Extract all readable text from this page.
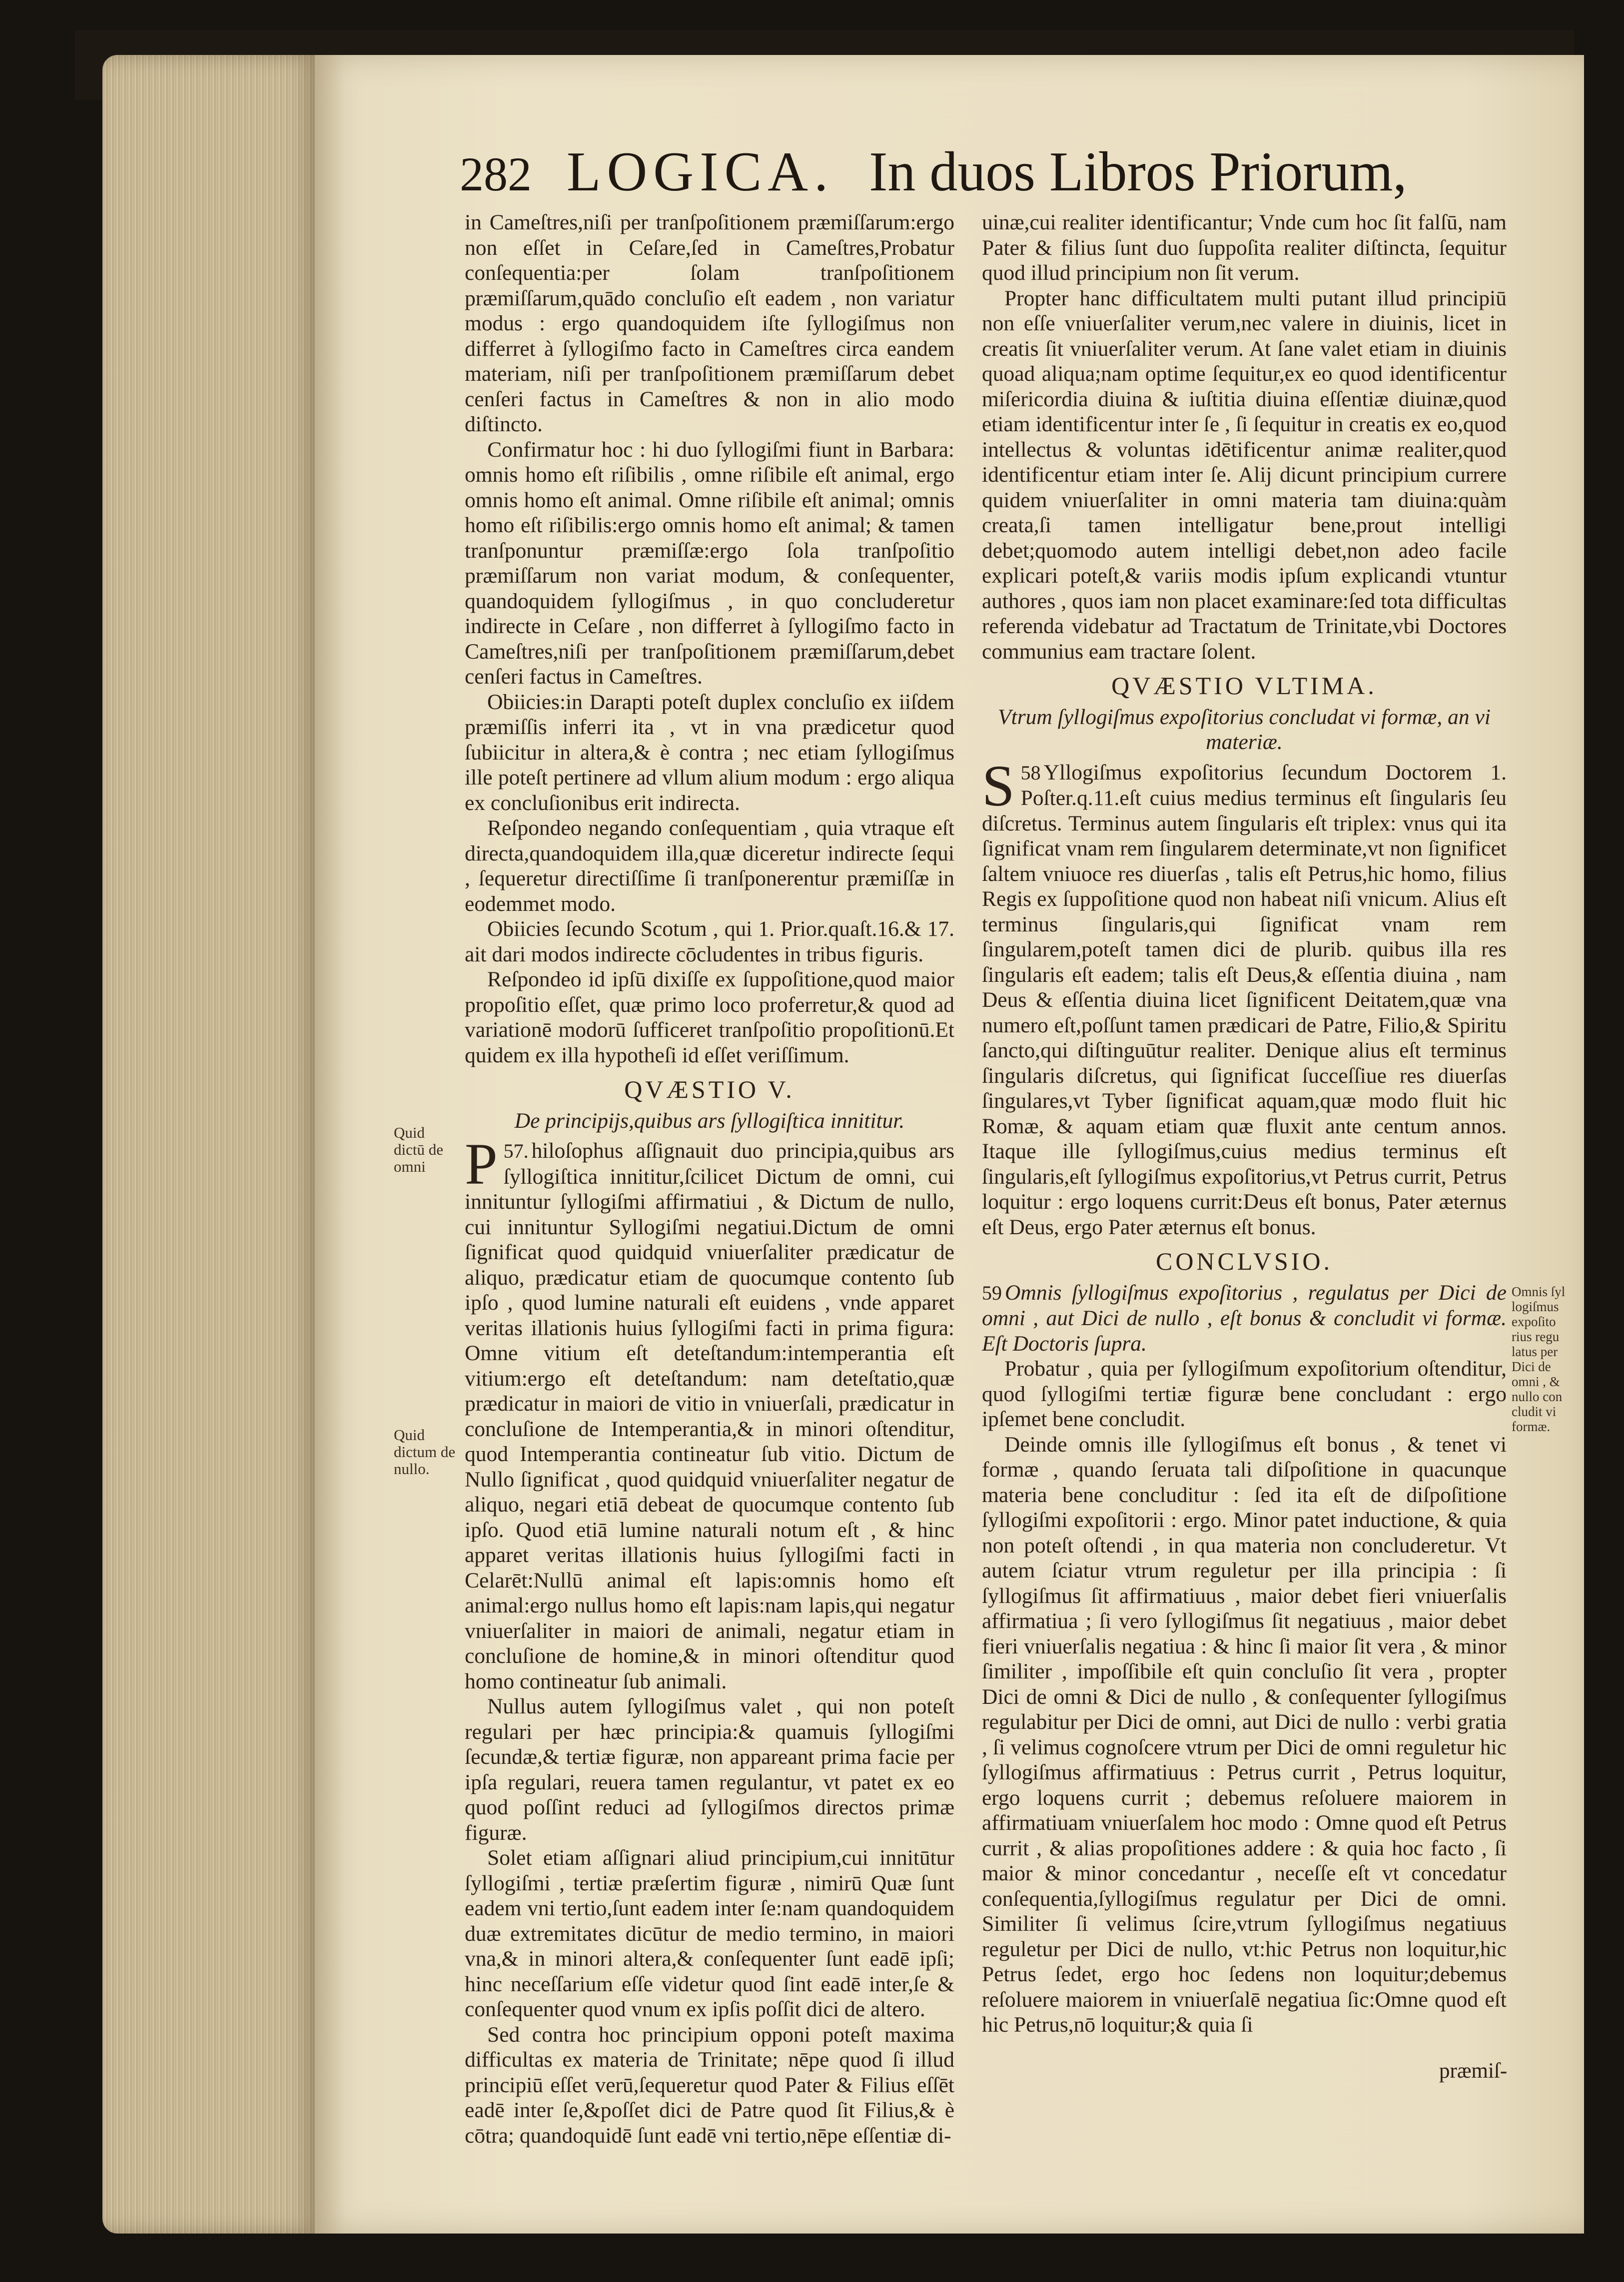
282 LOGICA. In duos Libros Priorum,

in Cameſtres,niſi per tranſpoſitionem præmiſſarum:ergo non eſſet in Ceſare,ſed in Cameſtres,Probatur conſequentia:per ſolam tranſpoſitionem præmiſſarum,quādo concluſio eſt eadem , non variatur modus : ergo quandoquidem iſte ſyllogiſmus non differret à ſyllogiſmo facto in Cameſtres circa eandem materiam, niſi per tranſpoſitionem præmiſſarum debet cenſeri factus in Cameſtres & non in alio modo diſtincto.

Confirmatur hoc : hi duo ſyllogiſmi fiunt in Barbara: omnis homo eſt riſibilis , omne riſibile eſt animal, ergo omnis homo eſt animal. Omne riſibile eſt animal; omnis homo eſt riſibilis:ergo omnis homo eſt animal; & tamen tranſponuntur præmiſſæ:ergo ſola tranſpoſitio præmiſſarum non variat modum, & conſequenter, quandoquidem ſyllogiſmus , in quo concluderetur indirecte in Ceſare , non differret à ſyllogiſmo facto in Cameſtres,niſi per tranſpoſitionem præmiſſarum,debet cenſeri factus in Cameſtres.

Obiicies:in Darapti poteſt duplex concluſio ex iiſdem præmiſſis inferri ita , vt in vna prædicetur quod ſubiicitur in altera,& è contra ; nec etiam ſyllogiſmus ille poteſt pertinere ad vllum alium modum : ergo aliqua ex concluſionibus erit indirecta.

Reſpondeo negando conſequentiam , quia vtraque eſt directa,quandoquidem illa,quæ diceretur indirecte ſequi , ſequeretur directiſſime ſi tranſponerentur præmiſſæ in eodemmet modo.

Obiicies ſecundo Scotum , qui 1. Prior.quaſt.16.& 17. ait dari modos indirecte cōcludentes in tribus figuris.

Reſpondeo id ipſū dixiſſe ex ſuppoſitione,quod maior propoſitio eſſet, quæ primo loco proferretur,& quod ad variationē modorū ſufficeret tranſpoſitio propoſitionū.Et quidem ex illa hypotheſi id eſſet veriſſimum.

QVÆSTIO V.

De principijs,quibus ars ſyllogiſtica innititur.

57.
P hiloſophus aſſignauit duo principia,quibus ars ſyllogiſtica innititur,ſcilicet Dictum de omni, cui innituntur ſyllogiſmi affirmatiui , & Dictum de nullo, cui innituntur Syllogiſmi negatiui.Dictum de omni ſignificat quod quidquid vniuerſaliter prædicatur de aliquo, prædicatur etiam de quocumque contento ſub ipſo , quod lumine naturali eſt euidens , vnde apparet veritas illationis huius ſyllogiſmi facti in prima figura: Omne vitium eſt deteſtandum:intemperantia eſt vitium:ergo eſt deteſtandum: nam deteſtatio,quæ prædicatur in maiori de vitio in vniuerſali, prædicatur in concluſione de Intemperantia,& in minori oſtenditur, quod Intemperantia contineatur ſub vitio. Dictum de Nullo ſignificat , quod quidquid vniuerſaliter negatur de aliquo, negari etiā debeat de quocumque contento ſub ipſo. Quod etiā lumine naturali notum eſt , & hinc apparet veritas illationis huius ſyllogiſmi facti in Celarēt:Nullū animal eſt lapis:omnis homo eſt animal:ergo nullus homo eſt lapis:nam lapis,qui negatur vniuerſaliter in maiori de animali, negatur etiam in concluſione de homine,& in minori oſtenditur quod homo contineatur ſub animali.

Nullus autem ſyllogiſmus valet , qui non poteſt regulari per hæc principia:& quamuis ſyllogiſmi ſecundæ,& tertiæ figuræ, non appareant prima facie per ipſa regulari, reuera tamen regulantur, vt patet ex eo quod poſſint reduci ad ſyllogiſmos directos primæ figuræ.

Solet etiam aſſignari aliud principium,cui innitūtur ſyllogiſmi , tertiæ præſertim figuræ , nimirū Quæ ſunt eadem vni tertio,ſunt eadem inter ſe:nam quandoquidem duæ extremitates dicūtur de medio termino, in maiori vna,& in minori altera,& conſequenter ſunt eadē ipſi; hinc neceſſarium eſſe videtur quod ſint eadē inter,ſe & conſequenter quod vnum ex ipſis poſſit dici de altero.

Sed contra hoc principium opponi poteſt maxima difficultas ex materia de Trinitate; nēpe quod ſi illud principiū eſſet verū,ſequeretur quod Pater & Filius eſſēt eadē inter ſe,&poſſet dici de Patre quod ſit Filius,& è cōtra; quandoquidē ſunt eadē vni tertio,nēpe eſſentiæ di-

uinæ,cui realiter identificantur; Vnde cum hoc ſit falſū, nam Pater & filius ſunt duo ſuppoſita realiter diſtincta, ſequitur quod illud principium non ſit verum.

Propter hanc difficultatem multi putant illud principiū non eſſe vniuerſaliter verum,nec valere in diuinis, licet in creatis ſit vniuerſaliter verum. At ſane valet etiam in diuinis quoad aliqua;nam optime ſequitur,ex eo quod identificentur miſericordia diuina & iuſtitia diuina eſſentiæ diuinæ,quod etiam identificentur inter ſe , ſi ſequitur in creatis ex eo,quod intellectus & voluntas idētificentur animæ realiter,quod identificentur etiam inter ſe. Alij dicunt principium currere quidem vniuerſaliter in omni materia tam diuina:quàm creata,ſi tamen intelligatur bene,prout intelligi debet;quomodo autem intelligi debet,non adeo facile explicari poteſt,& variis modis ipſum explicandi vtuntur authores , quos iam non placet examinare:ſed tota difficultas referenda videbatur ad Tractatum de Trinitate,vbi Doctores communius eam tractare ſolent.

QVÆSTIO VLTIMA.

Vtrum ſyllogiſmus expoſitorius concludat vi formæ, an vi materiæ.

58
S Yllogiſmus expoſitorius ſecundum Doctorem 1. Poſter.q.11.eſt cuius medius terminus eſt ſingularis ſeu diſcretus. Terminus autem ſingularis eſt triplex: vnus qui ita ſignificat vnam rem ſingularem determinate,vt non ſignificet ſaltem vniuoce res diuerſas , talis eſt Petrus,hic homo, filius Regis ex ſuppoſitione quod non habeat niſi vnicum. Alius eſt terminus ſingularis,qui ſignificat vnam rem ſingularem,poteſt tamen dici de plurib. quibus illa res ſingularis eſt eadem; talis eſt Deus,& eſſentia diuina , nam Deus & eſſentia diuina licet ſignificent Deitatem,quæ vna numero eſt,poſſunt tamen prædicari de Patre, Filio,& Spiritu ſancto,qui diſtinguūtur realiter. Denique alius eſt terminus ſingularis diſcretus, qui ſignificat ſucceſſiue res diuerſas ſingulares,vt Tyber ſignificat aquam,quæ modo fluit hic Romæ, & aquam etiam quæ fluxit ante centum annos. Itaque ille ſyllogiſmus,cuius medius terminus eſt ſingularis,eſt ſyllogiſmus expoſitorius,vt Petrus currit, Petrus loquitur : ergo loquens currit:Deus eſt bonus, Pater æternus eſt Deus, ergo Pater æternus eſt bonus.

CONCLVSIO.

59 Omnis ſyllogiſmus expoſitorius , regulatus per Dici de omni , aut Dici de nullo , eſt bonus & concludit vi formæ. Eſt Doctoris ſupra.

Probatur , quia per ſyllogiſmum expoſitorium oſtenditur, quod ſyllogiſmi tertiæ figuræ bene concludant : ergo ipſemet bene concludit.

Deinde omnis ille ſyllogiſmus eſt bonus , & tenet vi formæ , quando ſeruata tali diſpoſitione in quacunque materia bene concluditur : ſed ita eſt de diſpoſitione ſyllogiſmi expoſitorii : ergo. Minor patet inductione, & quia non poteſt oſtendi , in qua materia non concluderetur. Vt autem ſciatur vtrum reguletur per illa principia : ſi ſyllogiſmus ſit affirmatiuus , maior debet fieri vniuerſalis affirmatiua ; ſi vero ſyllogiſmus ſit negatiuus , maior debet fieri vniuerſalis negatiua : & hinc ſi maior ſit vera , & minor ſimiliter , impoſſibile eſt quin concluſio ſit vera , propter Dici de omni & Dici de nullo , & conſequenter ſyllogiſmus regulabitur per Dici de omni, aut Dici de nullo : verbi gratia , ſi velimus cognoſcere vtrum per Dici de omni reguletur hic ſyllogiſmus affirmatiuus : Petrus currit , Petrus loquitur, ergo loquens currit ; debemus reſoluere maiorem in affirmatiuam vniuerſalem hoc modo : Omne quod eſt Petrus currit , & alias propoſitiones addere : & quia hoc facto , ſi maior & minor concedantur , neceſſe eſt vt concedatur conſequentia,ſyllogiſmus regulatur per Dici de omni. Similiter ſi velimus ſcire,vtrum ſyllogiſmus negatiuus reguletur per Dici de nullo, vt:hic Petrus non loquitur,hic Petrus ſedet, ergo hoc ſedens non loquitur;debemus reſoluere maiorem in vniuerſalē negatiua ſic:Omne quod eſt hic Petrus,nō loquitur;& quia ſi

Quid dictū de omni
Quid dictum de nullo.
Omnis ſyl logiſmus expoſito rius regu latus per Dici de omni , & nullo con cludit vi formæ.
præmiſ-
